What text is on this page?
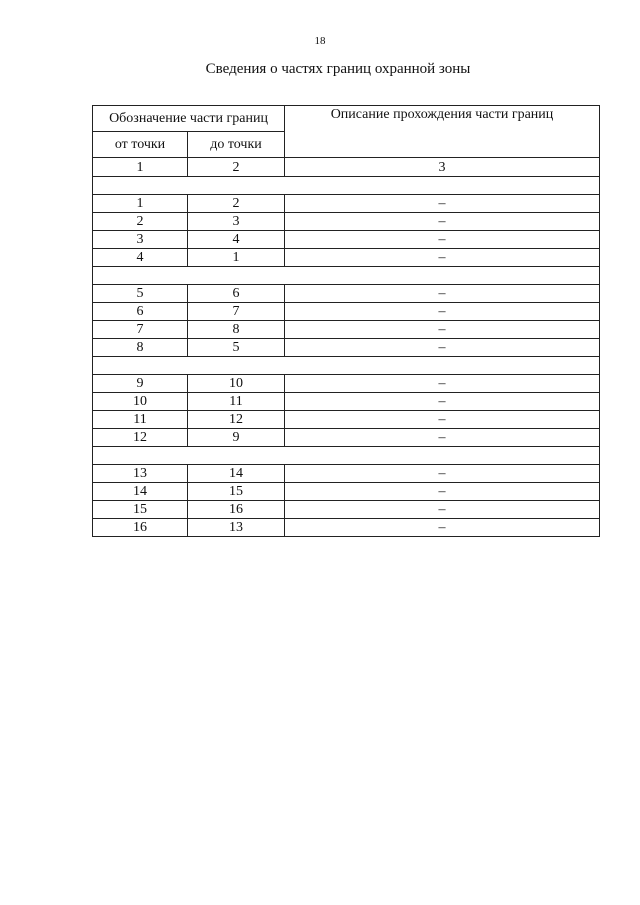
18
Сведения о частях границ охранной зоны
Обозначение части границ		Описание прохождения части границ
от точки	до точки	
1	2	3

1	2	–
2	3	–
3	4	–
4	1	–

5	6	–
6	7	–
7	8	–
8	5	–

9	10	–
10	11	–
11	12	–
12	9	–

13	14	–
14	15	–
15	16	–
16	13	–
